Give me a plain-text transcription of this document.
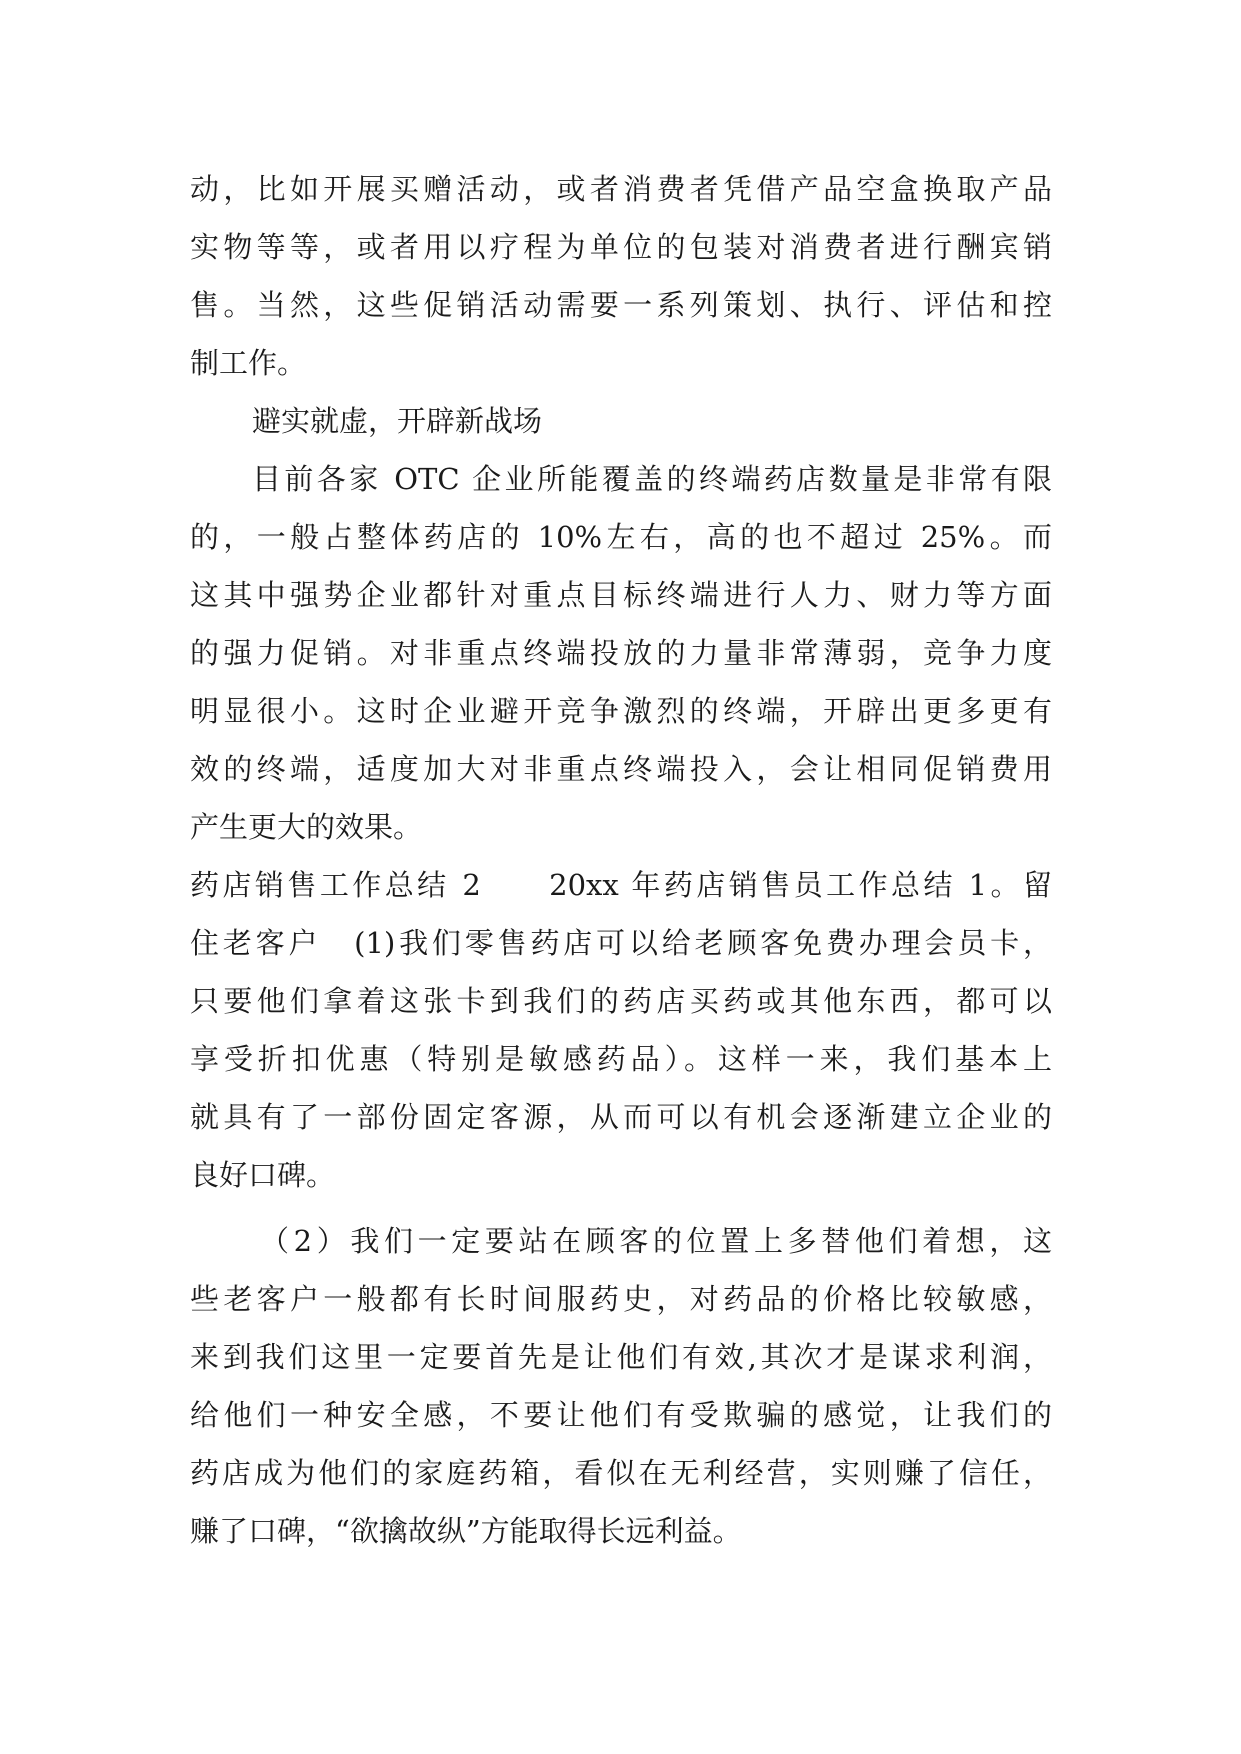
动，比如开展买赠活动，或者消费者凭借产品空盒换取产品
实物等等，或者用以疗程为单位的包装对消费者进行酬宾销
售。当然，这些促销活动需要一系列策划、执行、评估和控
制工作。
避实就虚，开辟新战场
目前各家 OTC 企业所能覆盖的终端药店数量是非常有限
的，一般占整体药店的 10%左右，高的也不超过 25%。而
这其中强势企业都针对重点目标终端进行人力、财力等方面
的强力促销。对非重点终端投放的力量非常薄弱，竞争力度
明显很小。这时企业避开竞争激烈的终端，开辟出更多更有
效的终端，适度加大对非重点终端投入，会让相同促销费用
产生更大的效果。
药店销售工作总结 2　　20xx 年药店销售员工作总结 1。留
住老客户　(1)我们零售药店可以给老顾客免费办理会员卡，
只要他们拿着这张卡到我们的药店买药或其他东西，都可以
享受折扣优惠（特别是敏感药品）。这样一来，我们基本上
就具有了一部份固定客源，从而可以有机会逐渐建立企业的
良好口碑。
（2）我们一定要站在顾客的位置上多替他们着想，这
些老客户一般都有长时间服药史，对药品的价格比较敏感，
来到我们这里一定要首先是让他们有效,其次才是谋求利润，
给他们一种安全感，不要让他们有受欺骗的感觉，让我们的
药店成为他们的家庭药箱，看似在无利经营，实则赚了信任，
赚了口碑，“欲擒故纵”方能取得长远利益。
